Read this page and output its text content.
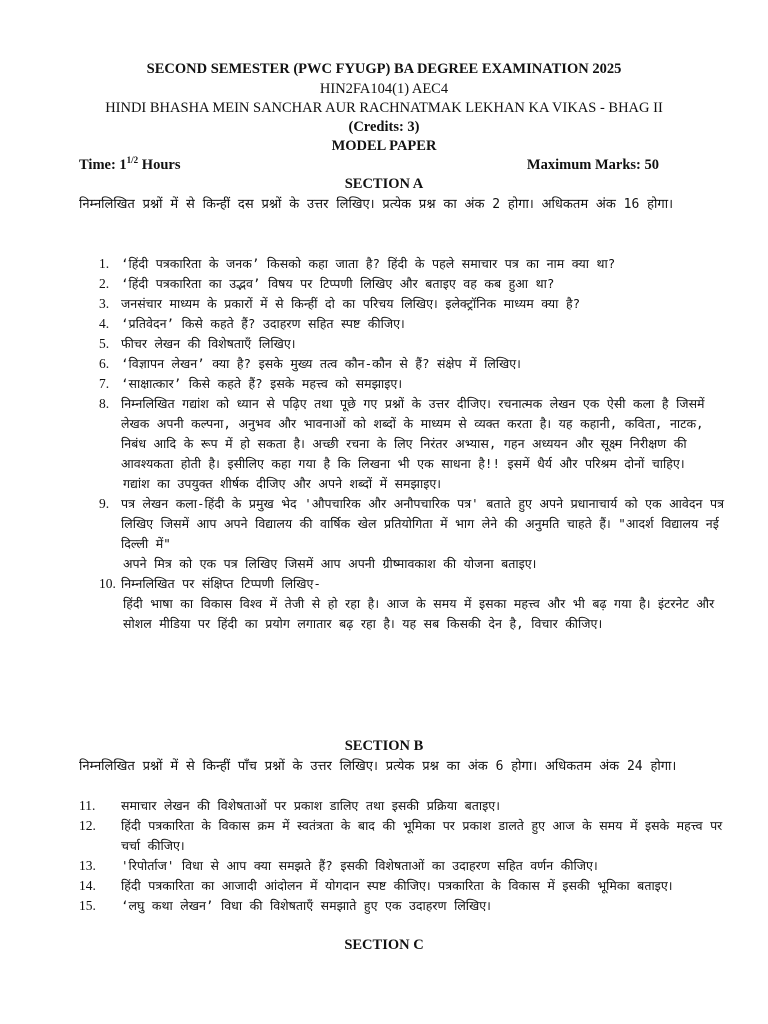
SECOND SEMESTER (PWC FYUGP) BA DEGREE EXAMINATION 2025
HIN2FA104(1) AEC4
HINDI BHASHA MEIN SANCHAR AUR RACHNATMAK LEKHAN KA VIKAS - BHAG II
(Credits: 3)
MODEL PAPER
Time: $1^{1/2}$ Hours	Maximum Marks: 50
SECTION A
निम्नलिखित प्रश्नों में से किन्हीं दस प्रश्नों के उत्तर लिखिए। प्रत्येक प्रश्न का अंक 2 होगा। अधिकतम अंक 16 होगा।
1. ‘हिंदी पत्रकारिता के जनक’ किसको कहा जाता है? हिंदी के पहले समाचार पत्र का नाम क्या था?
2. ‘हिंदी पत्रकारिता का उद्भव’ विषय पर टिप्पणी लिखिए और बताइए वह कब हुआ था?
3. जनसंचार माध्यम के प्रकारों में से किन्हीं दो का परिचय लिखिए। इलेक्ट्रॉनिक माध्यम क्या है?
4. ‘प्रतिवेदन’ किसे कहते हैं? उदाहरण सहित स्पष्ट कीजिए।
5. फीचर लेखन की विशेषताएँ लिखिए।
6. ‘विज्ञापन लेखन’ क्या है? इसके मुख्य तत्व कौन-कौन से हैं? संक्षेप में लिखिए।
7. ‘साक्षात्कार’ किसे कहते हैं? इसके महत्त्व को समझाइए।
8. निम्नलिखित गद्यांश को ध्यान से पढ़िए तथा पूछे गए प्रश्नों के उत्तर दीजिए। रचनात्मक लेखन एक ऐसी कला है जिसमें लेखक अपनी कल्पना, अनुभव और भावनाओं को शब्दों के माध्यम से व्यक्त करता है। यह कहानी, कविता, नाटक, निबंध आदि के रूप में हो सकता है। अच्छी रचना के लिए निरंतर अभ्यास, गहन अध्ययन और सूक्ष्म निरीक्षण की आवश्यकता होती है। इसीलिए कहा गया है कि लिखना भी एक साधना है!! इसमें धैर्य और परिश्रम दोनों चाहिए।
गद्यांश का उपयुक्त शीर्षक दीजिए और अपने शब्दों में समझाइए।
9. पत्र लेखन कला-हिंदी के प्रमुख भेद 'औपचारिक और अनौपचारिक पत्र' बताते हुए अपने प्रधानाचार्य को एक आवेदन पत्र लिखिए जिसमें आप अपने विद्यालय की वार्षिक खेल प्रतियोगिता में भाग लेने की अनुमति चाहते हैं। "आदर्श विद्यालय नई दिल्ली में"
अपने मित्र को एक पत्र लिखिए जिसमें आप अपनी ग्रीष्मावकाश की योजना बताइए।
10. निम्नलिखित पर संक्षिप्त टिप्पणी लिखिए-
हिंदी भाषा का विकास विश्व में तेजी से हो रहा है। आज के समय में इसका महत्त्व और भी बढ़ गया है। इंटरनेट और सोशल मीडिया पर हिंदी का प्रयोग लगातार बढ़ रहा है। यह सब किसकी देन है, विचार कीजिए।
SECTION B
निम्नलिखित प्रश्नों में से किन्हीं पाँच प्रश्नों के उत्तर लिखिए। प्रत्येक प्रश्न का अंक 6 होगा। अधिकतम अंक 24 होगा।
11. समाचार लेखन की विशेषताओं पर प्रकाश डालिए तथा इसकी प्रक्रिया बताइए।
12. हिंदी पत्रकारिता के विकास क्रम में स्वतंत्रता के बाद की भूमिका पर प्रकाश डालते हुए आज के समय में इसके महत्त्व पर चर्चा कीजिए।
13. 'रिपोर्ताज' विधा से आप क्या समझते हैं? इसकी विशेषताओं का उदाहरण सहित वर्णन कीजिए।
14. हिंदी पत्रकारिता का आजादी आंदोलन में योगदान स्पष्ट कीजिए। पत्रकारिता के विकास में इसकी भूमिका बताइए।
15. ‘लघु कथा लेखन’ विधा की विशेषताएँ समझाते हुए एक उदाहरण लिखिए।
SECTION C
